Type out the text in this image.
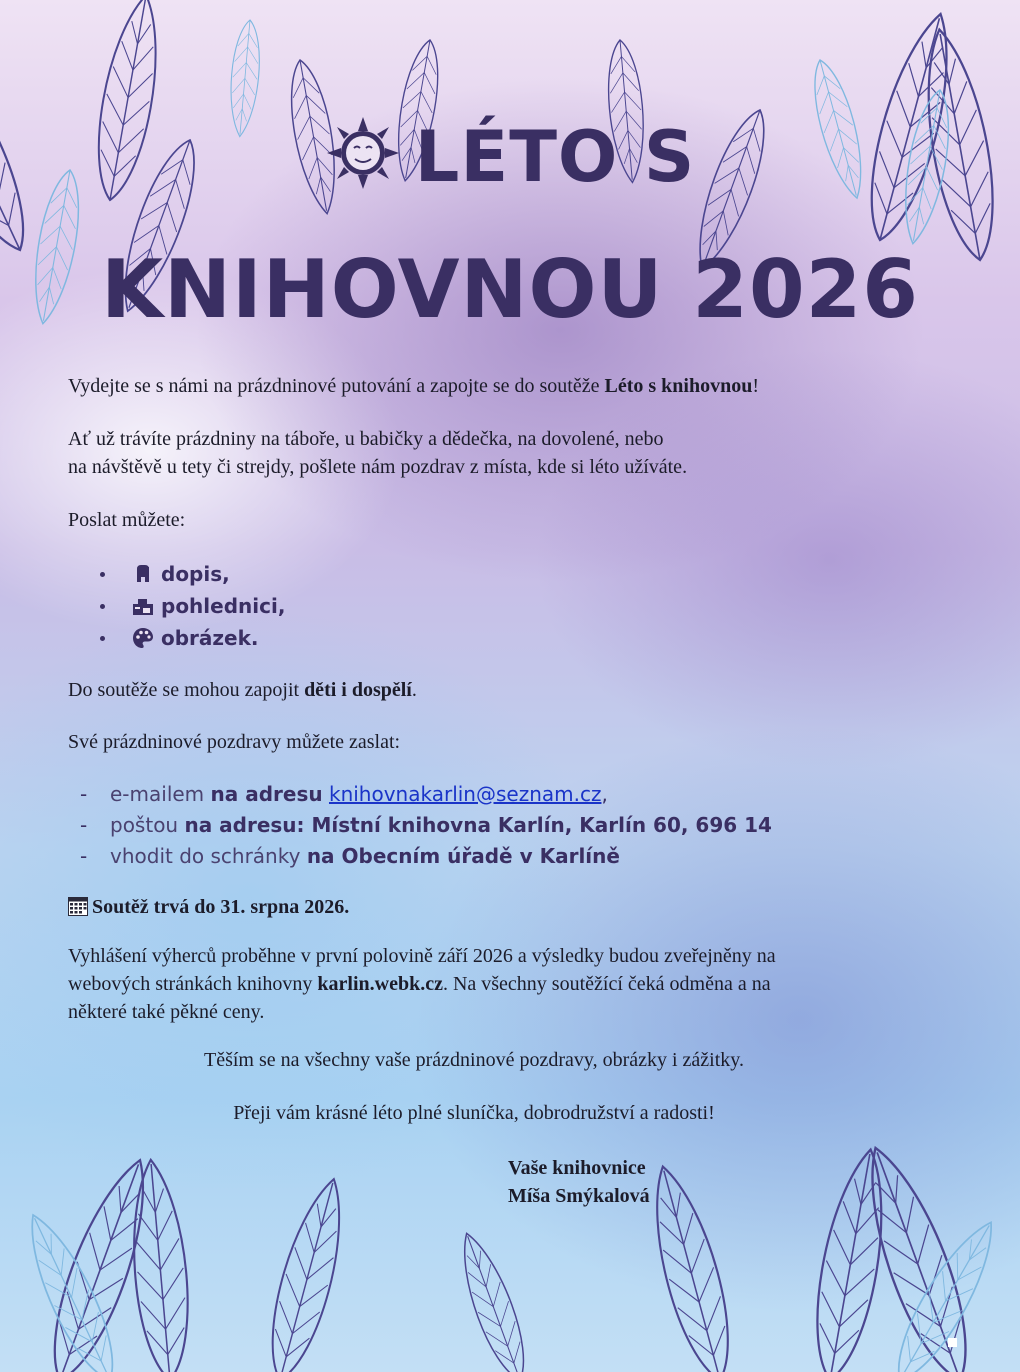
LÉTO S
KNIHOVNOU 2026
Vydejte se s námi na prázdninové putování a zapojte se do soutěže Léto s knihovnou!
Ať už trávíte prázdniny na táboře, u babičky a dědečka, na dovolené, nebo
na návštěvě u tety či strejdy, pošlete nám pozdrav z místa, kde si léto užíváte.
Poslat můžete:
dopis,
pohlednici,
obrázek.
Do soutěže se mohou zapojit děti i dospělí.
Své prázdninové pozdravy můžete zaslat:
-	e-mailem
na adresu
knihovnakarlin@seznam.cz ,
-	poštou
na adresu: Místní knihovna Karlín, Karlín 60, 696 14
-	vhodit do schránky
na Obecním úřadě v Karlíně
Soutěž trvá do 31. srpna 2026.
Vyhlášení výherců proběhne v první polovině září 2026 a výsledky budou zveřejněny na
webových stránkách knihovny karlin.webk.cz. Na všechny soutěžící čeká odměna a na
některé také pěkné ceny.
Těším se na všechny vaše prázdninové pozdravy, obrázky i zážitky.
Přeji vám krásné léto plné sluníčka, dobrodružství a radosti!
Vaše knihovnice
Míša Smýkalová
